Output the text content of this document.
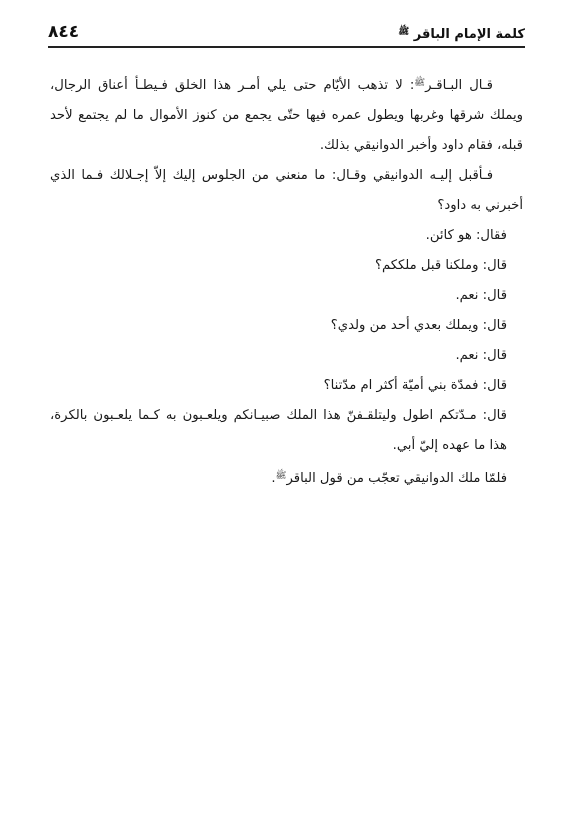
كلمة الإمام الباقر $^ﷺ$
٨٤٤

قـال البـاقـر$^ﷺ$: لا تذهب الأيّام حتى يلي أمـر هذا الخلق فـيطـأ أعناق الرجال، ويملك شرقها وغربها ويطول عمره فيها حتّى يجمع من كنوز الأموال ما لم يجتمع لأحد قبله، فقام داود وأخبر الدوانيقي بذلك.

فـأقبل إليـه الدوانيقي وقـال: ما منعني من الجلوس إليك إلاّ إجـلالك فـما الذي أخبرني به داود؟

فقال: هو كائن.

قال: وملكنا قبل ملككم؟

قال: نعم.

قال: ويملك بعدي أحد من ولدي؟

قال: نعم.

قال: فمدّة بني أميّة أكثر ام مدّتنا؟

قال: مـدّتكم اطول وليتلقـفنّ هذا الملك صبيـانكم ويلعـبون به كـما يلعـبون بالكرة، هذا ما عهده إليّ أبي.

فلمّا ملك الدوانيقي تعجّب من قول الباقر$^ﷺ$.
